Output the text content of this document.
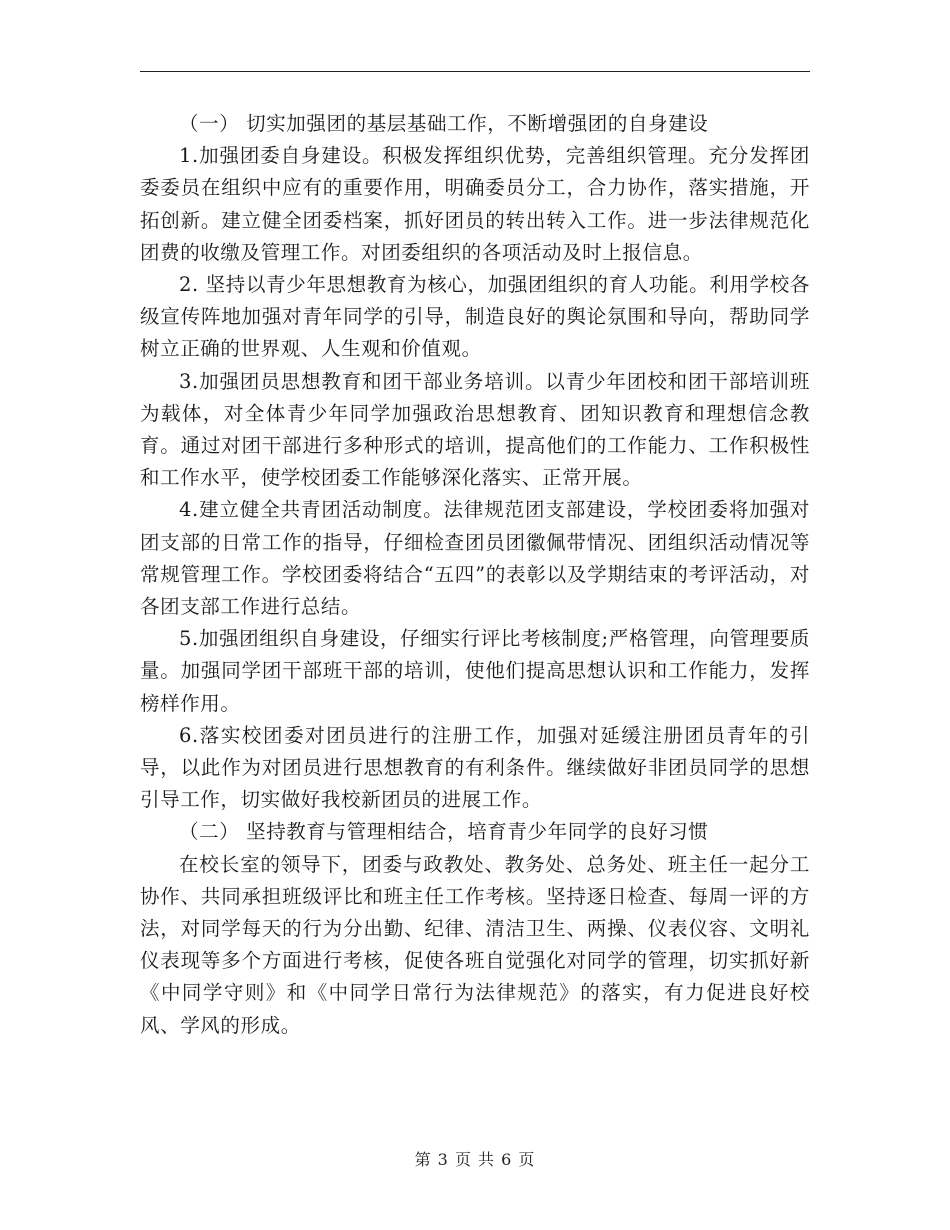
（一） 切实加强团的基层基础工作，不断增强团的自身建设

1.加强团委自身建设。积极发挥组织优势，完善组织管理。充分发挥团委委员在组织中应有的重要作用，明确委员分工，合力协作，落实措施，开拓创新。建立健全团委档案，抓好团员的转出转入工作。进一步法律规范化团费的收缴及管理工作。对团委组织的各项活动及时上报信息。

2. 坚持以青少年思想教育为核心，加强团组织的育人功能。利用学校各级宣传阵地加强对青年同学的引导，制造良好的舆论氛围和导向，帮助同学树立正确的世界观、人生观和价值观。

3.加强团员思想教育和团干部业务培训。以青少年团校和团干部培训班为载体，对全体青少年同学加强政治思想教育、团知识教育和理想信念教育。通过对团干部进行多种形式的培训，提高他们的工作能力、工作积极性和工作水平，使学校团委工作能够深化落实、正常开展。

4.建立健全共青团活动制度。法律规范团支部建设，学校团委将加强对团支部的日常工作的指导，仔细检查团员团徽佩带情况、团组织活动情况等常规管理工作。学校团委将结合“五四”的表彰以及学期结束的考评活动，对各团支部工作进行总结。

5.加强团组织自身建设，仔细实行评比考核制度;严格管理，向管理要质量。加强同学团干部班干部的培训，使他们提高思想认识和工作能力，发挥榜样作用。

6.落实校团委对团员进行的注册工作，加强对延缓注册团员青年的引导，以此作为对团员进行思想教育的有利条件。继续做好非团员同学的思想引导工作，切实做好我校新团员的进展工作。

（二） 坚持教育与管理相结合，培育青少年同学的良好习惯

在校长室的领导下，团委与政教处、教务处、总务处、班主任一起分工协作、共同承担班级评比和班主任工作考核。坚持逐日检查、每周一评的方法，对同学每天的行为分出勤、纪律、清洁卫生、两操、仪表仪容、文明礼仪表现等多个方面进行考核，促使各班自觉强化对同学的管理，切实抓好新《中同学守则》和《中同学日常行为法律规范》的落实，有力促进良好校风、学风的形成。

第 3 页 共 6 页
